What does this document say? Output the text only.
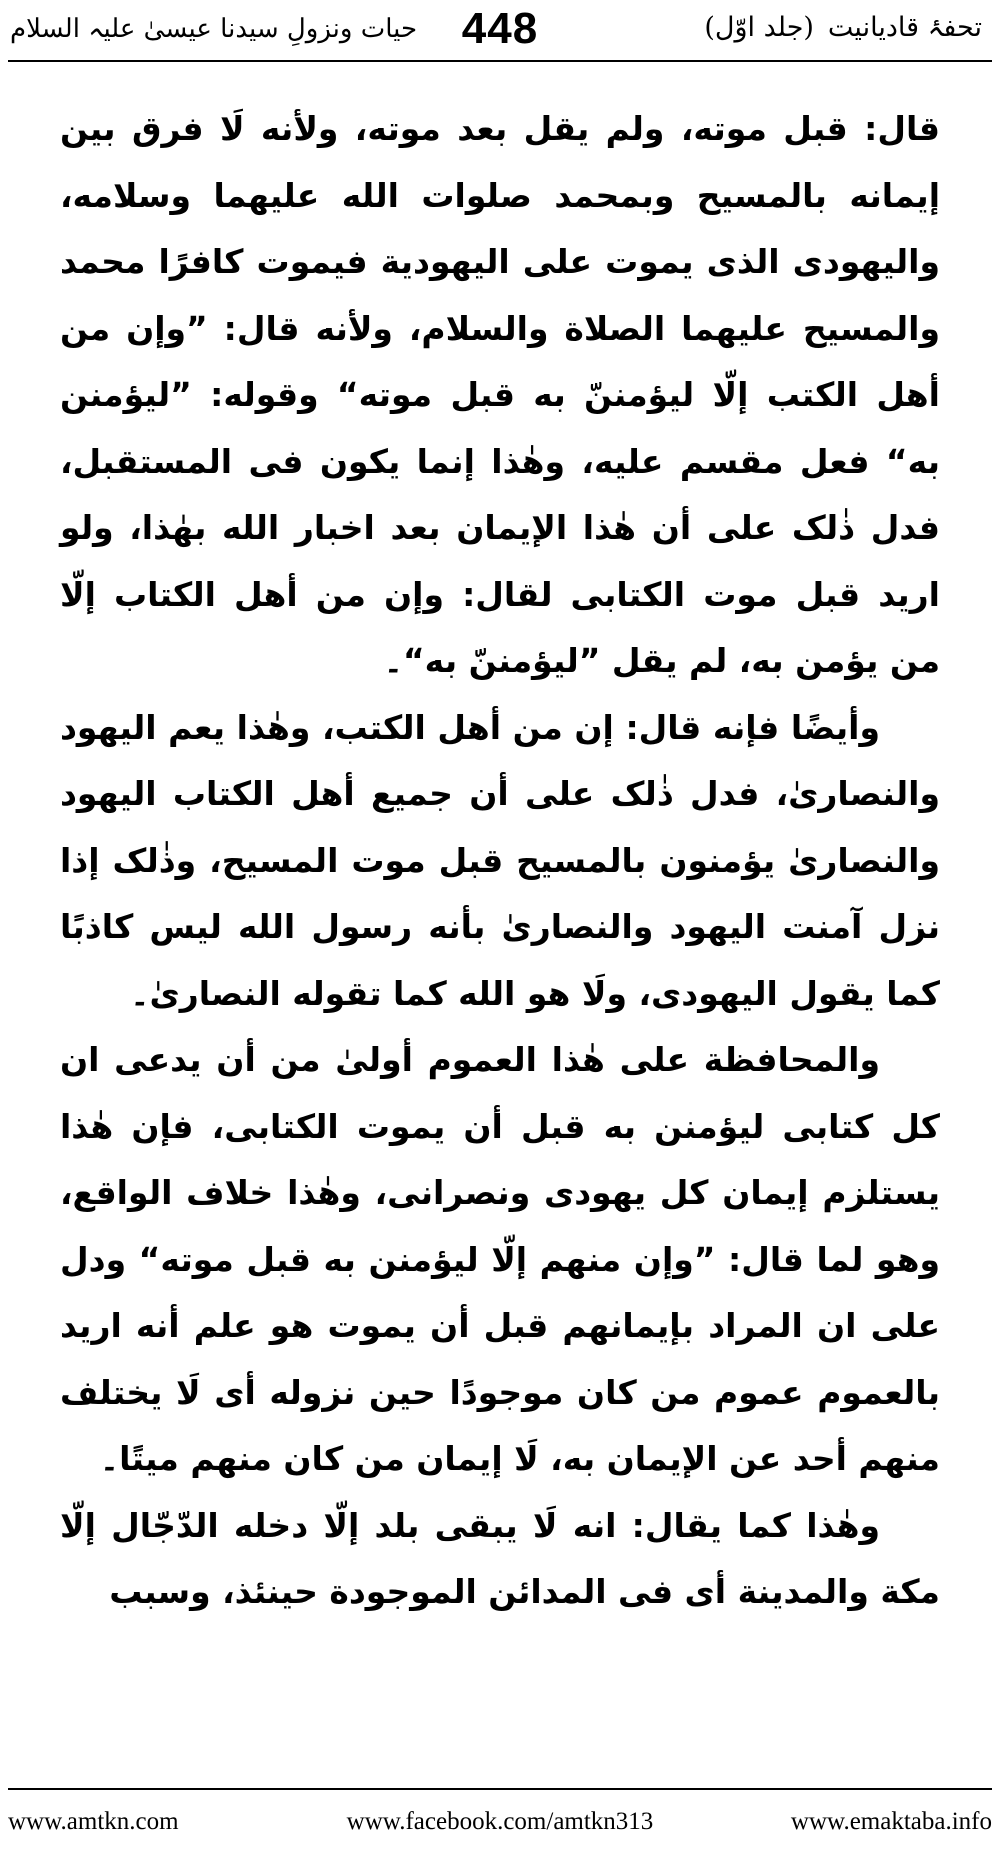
تحفۂ قادیانیت(جلد اوّل)
448
حیات ونزولِ سیدنا عیسیٰ علیہ السلام

قال: قبل موته، ولم يقل بعد موته، ولأنه لَا فرق بين إيمانه بالمسيح وبمحمد صلوات الله عليهما وسلامه، واليهودى الذى يموت على اليهودية فيموت كافرًا محمد والمسيح عليهما الصلاة والسلام، ولأنه قال: ”وإن من أهل الكتب إلّا ليؤمننّ به قبل موته“ وقوله: ”ليؤمنن به“ فعل مقسم عليه، وهٰذا إنما يكون فى المستقبل، فدل ذٰلک على أن هٰذا الإيمان بعد اخبار الله بهٰذا، ولو اريد قبل موت الكتابى لقال: وإن من أهل الكتاب إلّا من يؤمن به، لم يقل ”ليؤمننّ به“۔

وأيضًا فإنه قال: إن من أهل الكتب، وهٰذا يعم اليهود والنصارىٰ، فدل ذٰلک على أن جميع أهل الكتاب اليهود والنصارىٰ يؤمنون بالمسيح قبل موت المسيح، وذٰلک إذا نزل آمنت اليهود والنصارىٰ بأنه رسول الله ليس كاذبًا كما يقول اليهودى، ولَا هو الله كما تقوله النصارىٰ۔

والمحافظة على هٰذا العموم أولىٰ من أن يدعى ان كل كتابى ليؤمنن به قبل أن يموت الكتابى، فإن هٰذا يستلزم إيمان كل يهودى ونصرانى، وهٰذا خلاف الواقع، وهو لما قال: ”وإن منهم إلّا ليؤمنن به قبل موته“ ودل على ان المراد بإيمانهم قبل أن يموت هو علم أنه اريد بالعموم عموم من كان موجودًا حين نزوله أى لَا يختلف منهم أحد عن الإيمان به، لَا إيمان من كان منهم ميتًا۔

وهٰذا كما يقال: انه لَا يبقى بلد إلّا دخله الدّجّال إلّا مكة والمدينة أى فى المدائن الموجودة حينئذ، وسبب

www.amtkn.com	www.facebook.com/amtkn313	www.emaktaba.info
